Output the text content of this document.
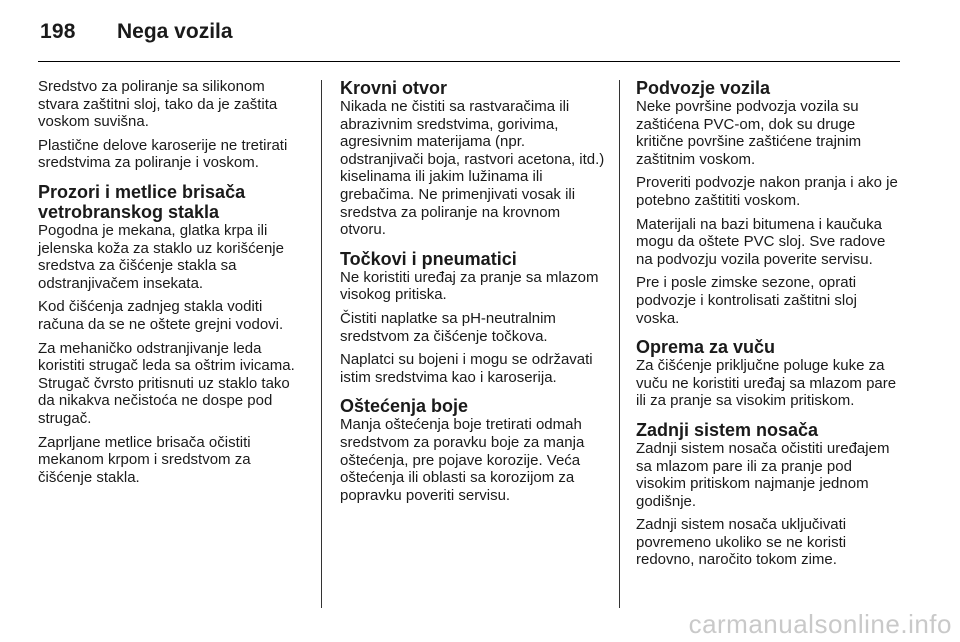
198 Nega vozila

Sredstvo za poliranje sa silikonom stvara zaštitni sloj, tako da je zaštita voskom suvišna.

Plastične delove karoserije ne tretirati sredstvima za poliranje i voskom.

Prozori i metlice brisača vetrobranskog stakla

Pogodna je mekana, glatka krpa ili jelenska koža za staklo uz korišćenje sredstva za čišćenje stakla sa odstranjivačem insekata.

Kod čišćenja zadnjeg stakla voditi računa da se ne oštete grejni vodovi.

Za mehaničko odstranjivanje leda koristiti strugač leda sa oštrim ivicama. Strugač čvrsto pritisnuti uz staklo tako da nikakva nečistoća ne dospe pod strugač.

Zaprljane metlice brisača očistiti mekanom krpom i sredstvom za čišćenje stakla.

Krovni otvor

Nikada ne čistiti sa rastvaračima ili abrazivnim sredstvima, gorivima, agresivnim materijama (npr. odstranjivači boja, rastvori acetona, itd.) kiselinama ili jakim lužinama ili grebačima. Ne primenjivati vosak ili sredstva za poliranje na krovnom otvoru.

Točkovi i pneumatici

Ne koristiti uređaj za pranje sa mlazom visokog pritiska.

Čistiti naplatke sa pH-neutralnim sredstvom za čišćenje točkova.

Naplatci su bojeni i mogu se održavati istim sredstvima kao i karoserija.

Oštećenja boje

Manja oštećenja boje tretirati odmah sredstvom za poravku boje za manja oštećenja, pre pojave korozije. Veća oštećenja ili oblasti sa korozijom za popravku poveriti servisu.

Podvozje vozila

Neke površine podvozja vozila su zaštićena PVC-om, dok su druge kritične površine zaštićene trajnim zaštitnim voskom.

Proveriti podvozje nakon pranja i ako je potebno zaštititi voskom.

Materijali na bazi bitumena i kaučuka mogu da oštete PVC sloj. Sve radove na podvozju vozila poverite servisu.

Pre i posle zimske sezone, oprati podvozje i kontrolisati zaštitni sloj voska.

Oprema za vuču

Za čišćenje priključne poluge kuke za vuču ne koristiti uređaj sa mlazom pare ili za pranje sa visokim pritiskom.

Zadnji sistem nosača

Zadnji sistem nosača očistiti uređajem sa mlazom pare ili za pranje pod visokim pritiskom najmanje jednom godišnje.

Zadnji sistem nosača uključivati povremeno ukoliko se ne koristi redovno, naročito tokom zime.

carmanualsonline.info
